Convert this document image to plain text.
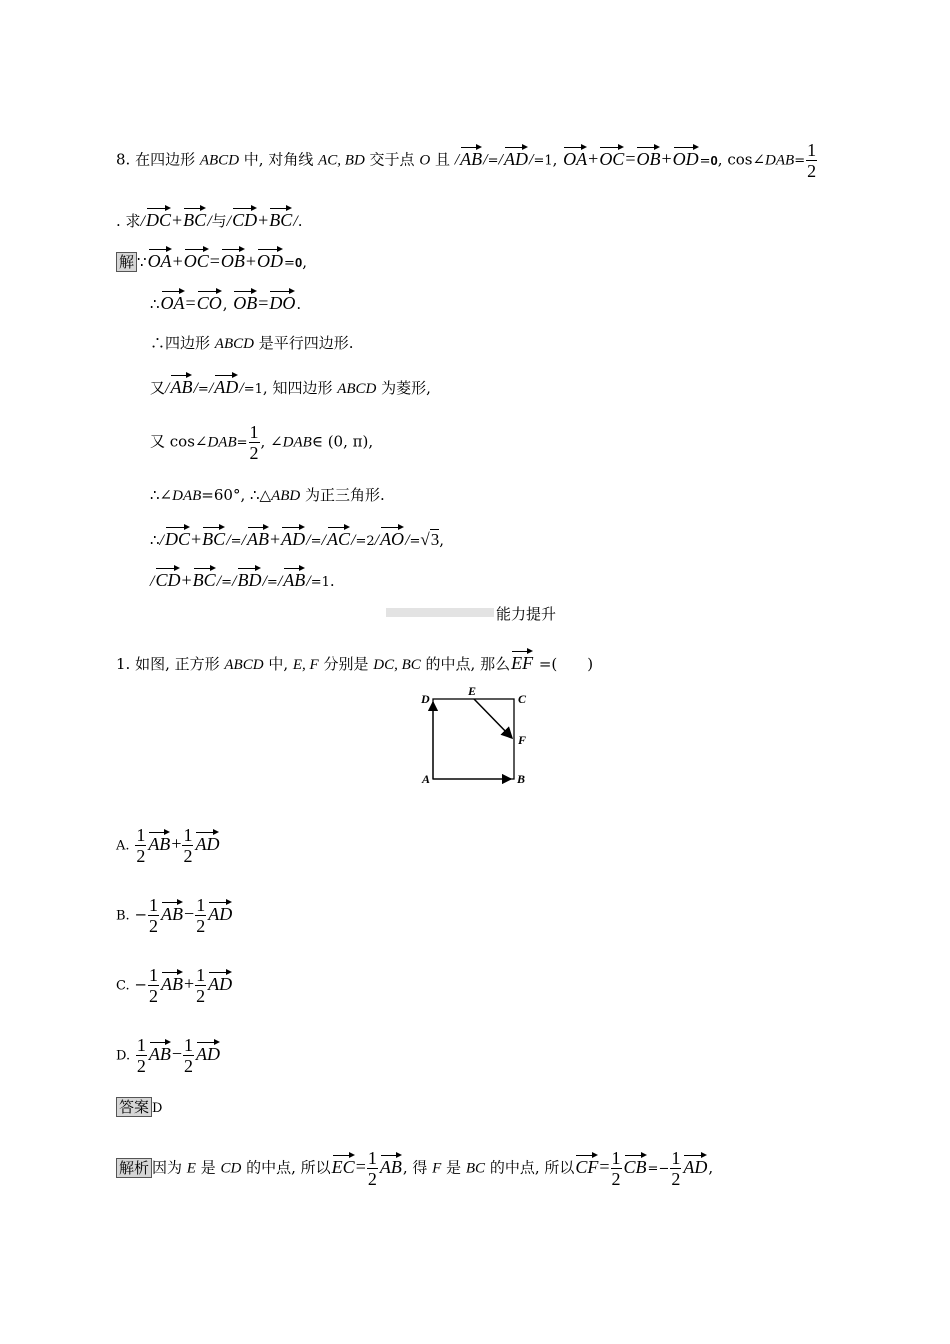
8. 在四边形 ABCD 中, 对角线 AC, BD 交于点 O 且 /AB/=/AD/=1, OA+OC=OB+OD=0, cos∠DAB= $\frac{1}{2}$
. 求/DC+BC/与/CD+BC/.
解 ∵OA+OC=OB+OD=0,
∴OA=CO, OB=DO.
∴四边形 ABCD 是平行四边形.
又/AB/=/AD/=1, 知四边形 ABCD 为菱形,
又 cos∠DAB= $\frac{1}{2}$ , ∠DAB∈ (0, π),
∴∠DAB=60°, ∴△ABD 为正三角形.
∴/DC+BC/=/AB+AD/=/AC/=2/AO/=√3,
/CD+BC/=/BD/=/AB/=1.
能力提升
1. 如图, 正方形 ABCD 中, E, F 分别是 DC, BC 的中点, 那么EF =(　　)
D
E
C
F
A	B
A. $\frac{1}{2} AB+ \frac{1}{2}$ AD
B. − $\frac{1}{2} AB- \frac{1}{2}$ AD
C. − $\frac{1}{2} AB+ \frac{1}{2}$ AD
D. $\frac{1}{2} AB- \frac{1}{2}$ AD
答案 D
解析 因为 E 是 CD 的中点, 所以$EC= \frac{1}{2}$ AB, 得 F 是 BC 的中点, 所以$CF= \frac{1}{2} CB=- \frac{1}{2}$ AD,
